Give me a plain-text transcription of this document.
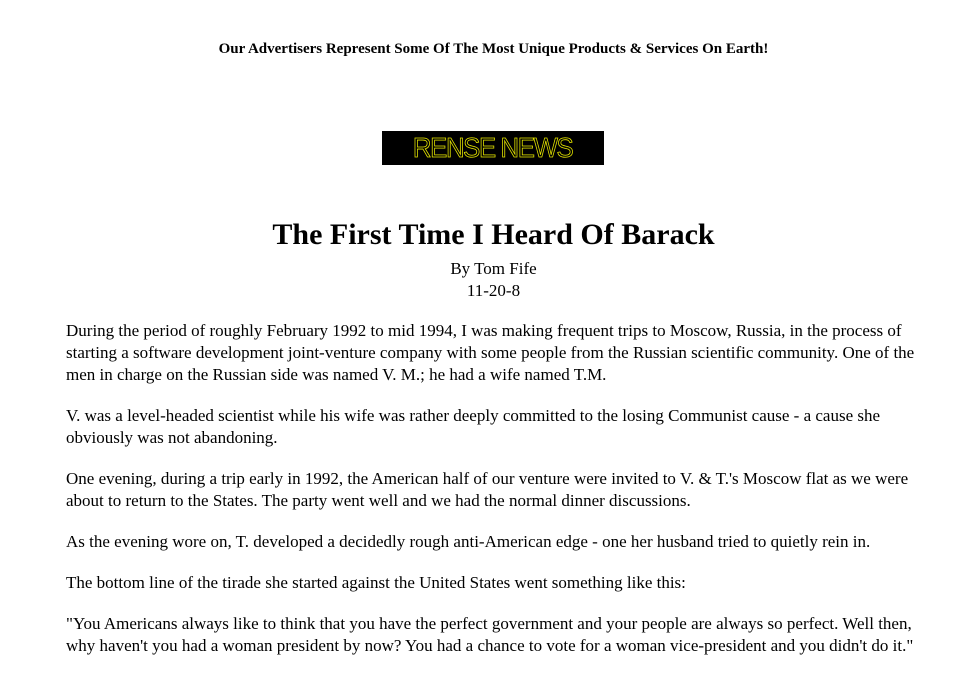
Our Advertisers Represent Some Of The Most Unique Products & Services On Earth!
RENSE NEWS
The First Time I Heard Of Barack
By Tom Fife
11-20-8

During the period of roughly February 1992 to mid 1994, I was making frequent trips to Moscow, Russia, in the process of starting a software development joint-venture company with some people from the Russian scientific community. One of the men in charge on the Russian side was named V. M.; he had a wife named T.M.

V. was a level-headed scientist while his wife was rather deeply committed to the losing Communist cause - a cause she obviously was not abandoning.

One evening, during a trip early in 1992, the American half of our venture were invited to V. & T.'s Moscow flat as we were about to return to the States. The party went well and we had the normal dinner discussions.

As the evening wore on, T. developed a decidedly rough anti-American edge - one her husband tried to quietly rein in.

The bottom line of the tirade she started against the United States went something like this:

"You Americans always like to think that you have the perfect government and your people are always so perfect. Well then, why haven't you had a woman president by now? You had a chance to vote for a woman vice-president and you didn't do it."
